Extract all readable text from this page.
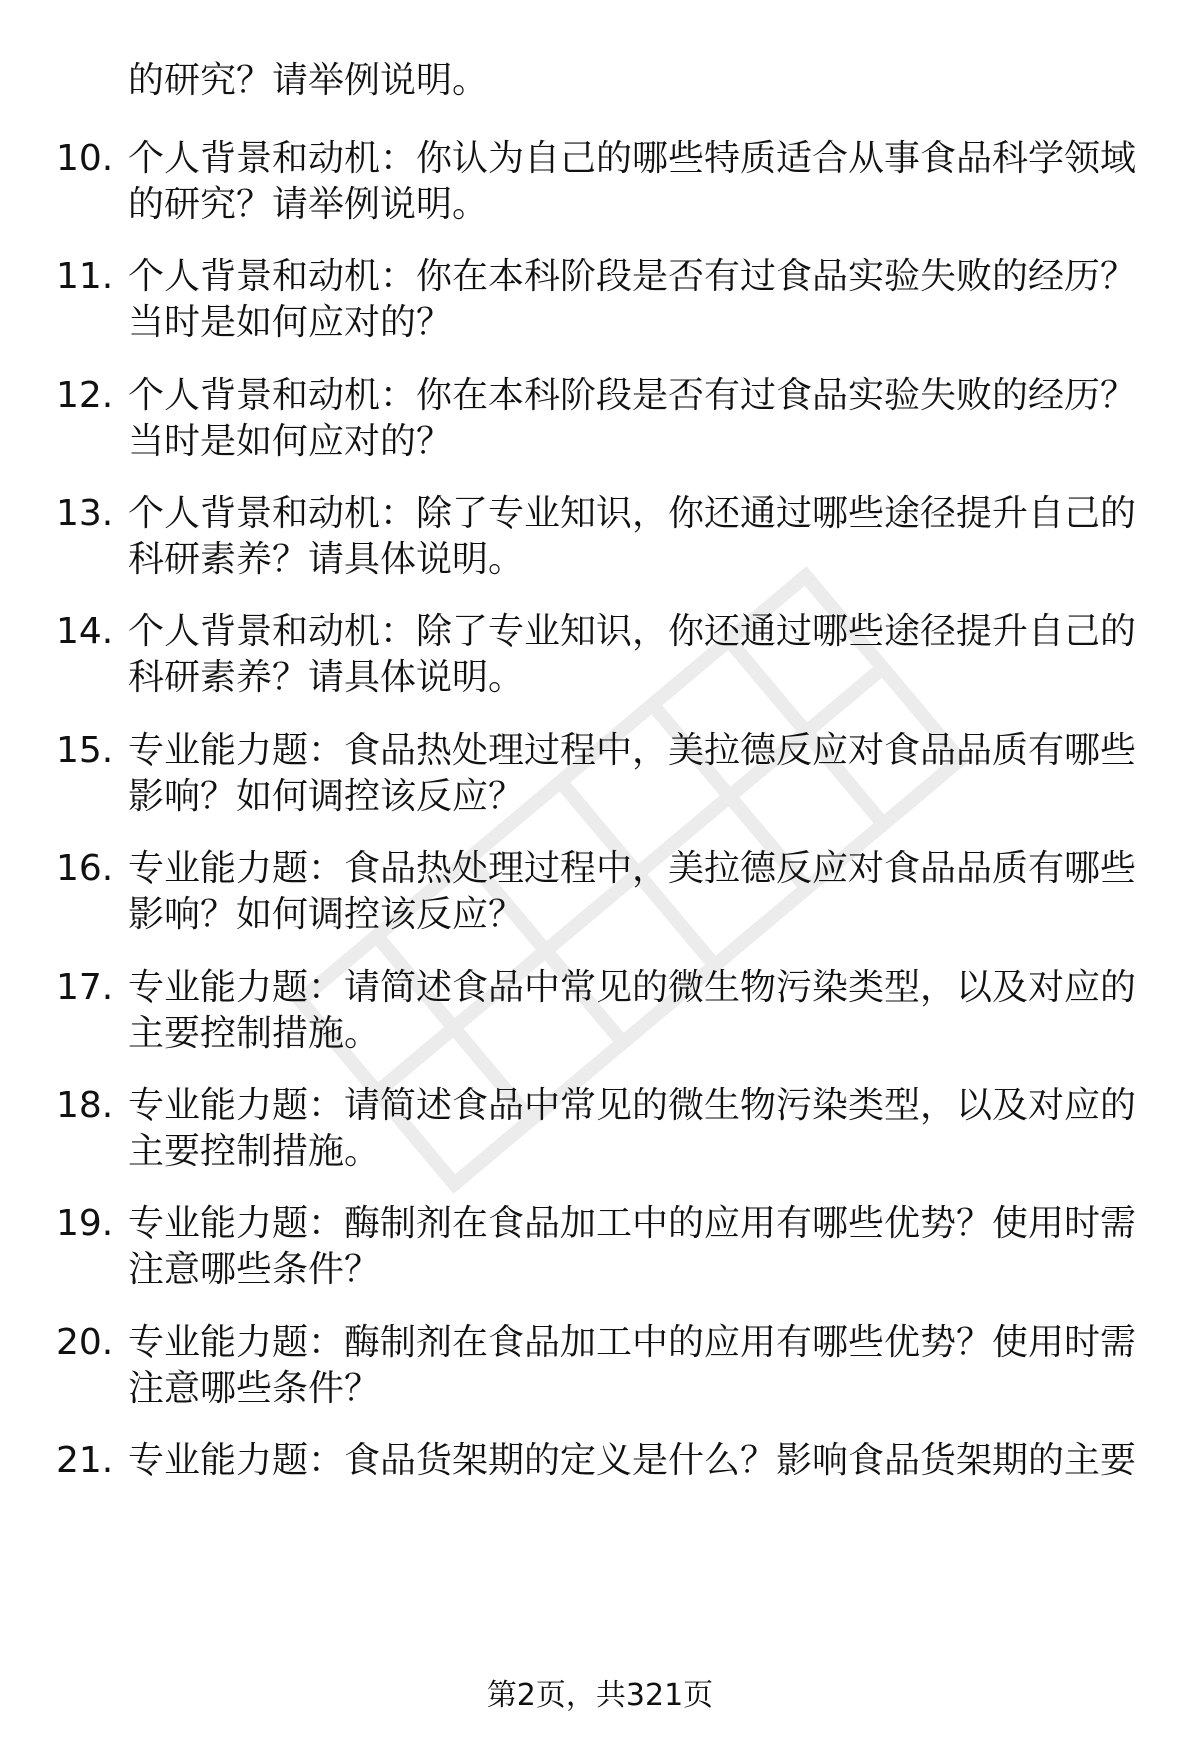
的研究？请举例说明。
10. 个人背景和动机：你认为自己的哪些特质适合从事食品科学领域的研究？请举例说明。
11. 个人背景和动机：你在本科阶段是否有过食品实验失败的经历？当时是如何应对的？
12. 个人背景和动机：你在本科阶段是否有过食品实验失败的经历？当时是如何应对的？
13. 个人背景和动机：除了专业知识，你还通过哪些途径提升自己的科研素养？请具体说明。
14. 个人背景和动机：除了专业知识，你还通过哪些途径提升自己的科研素养？请具体说明。
15. 专业能力题：食品热处理过程中，美拉德反应对食品品质有哪些影响？如何调控该反应？
16. 专业能力题：食品热处理过程中，美拉德反应对食品品质有哪些影响？如何调控该反应？
17. 专业能力题：请简述食品中常见的微生物污染类型，以及对应的主要控制措施。
18. 专业能力题：请简述食品中常见的微生物污染类型，以及对应的主要控制措施。
19. 专业能力题：酶制剂在食品加工中的应用有哪些优势？使用时需注意哪些条件？
20. 专业能力题：酶制剂在食品加工中的应用有哪些优势？使用时需注意哪些条件？
21. 专业能力题：食品货架期的定义是什么？影响食品货架期的主要
第2页，共321页
